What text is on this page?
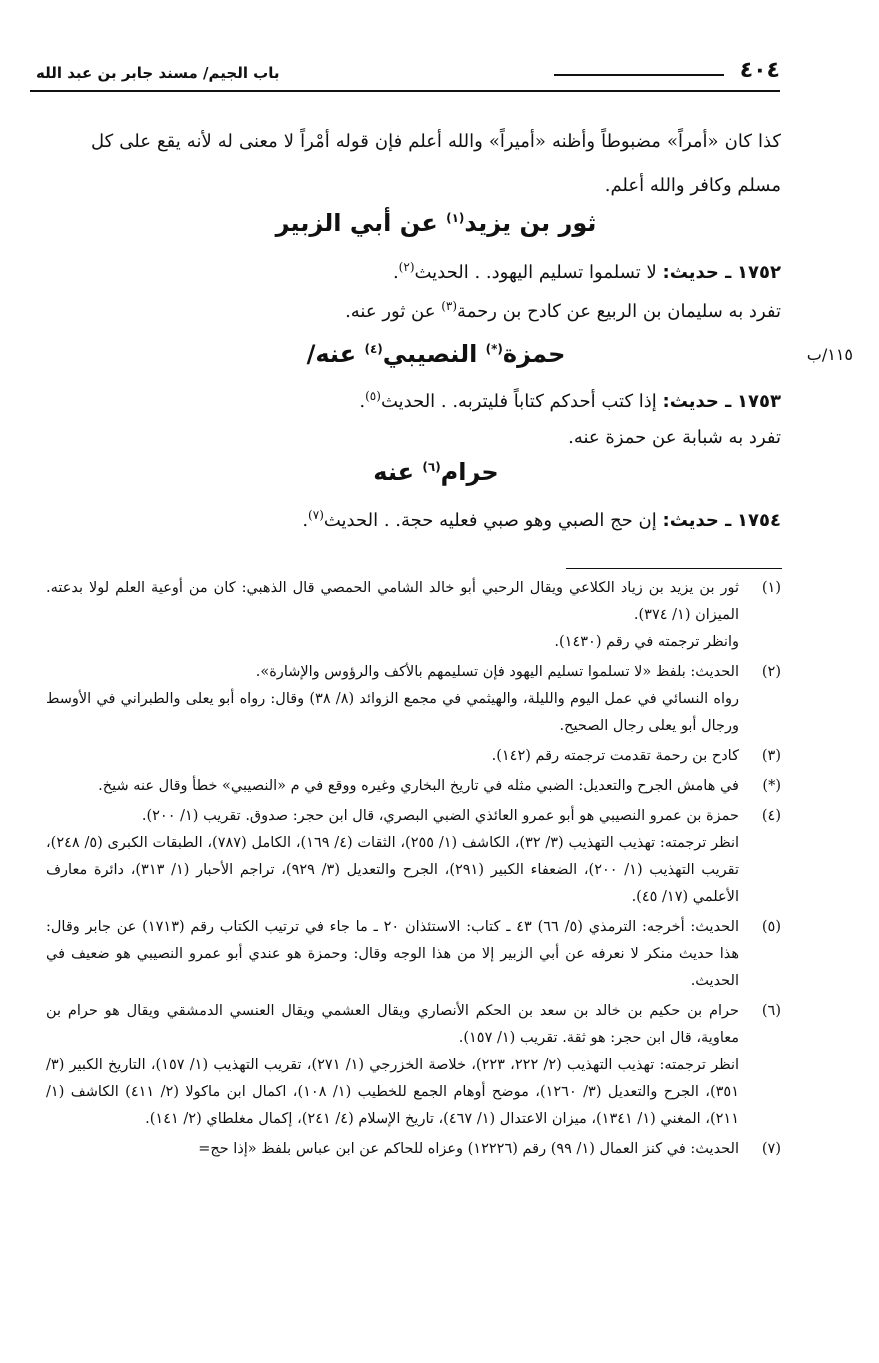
٤٠٤
باب الجيم/ مسند جابر بن عبد الله
كذا كان «أمراً» مضبوطاً وأظنه «أميراً» والله أعلم فإن قوله أمْراً لا معنى له لأنه يقع على كل مسلم وكافر والله أعلم.
ثور بن يزيد$^{(١)}$ عن أبي الزبير
١٧٥٢ ـ حديث: لا تسلموا تسليم اليهود. . الحديث$^{(٢)}$.
تفرد به سليمان بن الربيع عن كادح بن رحمة$^{(٣)}$ عن ثور عنه.
١١٥/ب
حمزة(*) النصيبي$^{(٤)}$ عنه/
١٧٥٣ ـ حديث: إذا كتب أحدكم كتاباً فليتربه. . الحديث$^{(٥)}$.
تفرد به شبابة عن حمزة عنه.
حرام$^{(٦)}$ عنه
١٧٥٤ ـ حديث: إن حج الصبي وهو صبي فعليه حجة. . الحديث$^{(٧)}$.
(١)

ثور بن يزيد بن زياد الكلاعي ويقال الرحبي أبو خالد الشامي الحمصي قال الذهبي: كان من أوعية العلم لولا بدعته. الميزان (١/ ٣٧٤).

وانظر ترجمته في رقم (١٤٣٠).

(٢)

الحديث: بلفظ «لا تسلموا تسليم اليهود فإن تسليمهم بالأكف والرؤوس والإشارة».

رواه النسائي في عمل اليوم والليلة، والهيثمي في مجمع الزوائد (٨/ ٣٨) وقال: رواه أبو يعلى والطبراني في الأوسط ورجال أبو يعلى رجال الصحيح.

(٣)

كادح بن رحمة تقدمت ترجمته رقم (١٤٢).

(*)

في هامش الجرح والتعديل: الضبي مثله في تاريخ البخاري وغيره ووقع في م «النصيبي» خطأ وقال عنه شيخ.

(٤)

حمزة بن عمرو النصيبي هو أبو عمرو العائذي الضبي البصري، قال ابن حجر: صدوق. تقريب (١/ ٢٠٠).

انظر ترجمته: تهذيب التهذيب (٣/ ٣٢)، الكاشف (١/ ٢٥٥)، الثقات (٤/ ١٦٩)، الكامل (٧٨٧)، الطبقات الكبرى (٥/ ٢٤٨)، تقريب التهذيب (١/ ٢٠٠)، الضعفاء الكبير (٢٩١)، الجرح والتعديل (٣/ ٩٢٩)، تراجم الأحبار (١/ ٣١٣)، دائرة معارف الأعلمي (١٧/ ٤٥).

(٥)

الحديث: أخرجه: الترمذي (٥/ ٦٦) ٤٣ ـ كتاب: الاستئذان ٢٠ ـ ما جاء في ترتيب الكتاب رقم (١٧١٣) عن جابر وقال: هذا حديث منكر لا نعرفه عن أبي الزبير إلا من هذا الوجه وقال: وحمزة هو عندي أبو عمرو النصيبي هو ضعيف في الحديث.

(٦)

حرام بن حكيم بن خالد بن سعد بن الحكم الأنصاري ويقال العشمي ويقال العنسي الدمشقي ويقال هو حرام بن معاوية، قال ابن حجر: هو ثقة. تقريب (١/ ١٥٧).

انظر ترجمته: تهذيب التهذيب (٢/ ٢٢٢، ٢٢٣)، خلاصة الخزرجي (١/ ٢٧١)، تقريب التهذيب (١/ ١٥٧)، التاريخ الكبير (٣/ ٣٥١)، الجرح والتعديل (٣/ ١٢٦٠)، موضح أوهام الجمع للخطيب (١/ ١٠٨)، اكمال ابن ماكولا (٢/ ٤١١) الكاشف (١/ ٢١١)، المغني (١/ ١٣٤١)، ميزان الاعتدال (١/ ٤٦٧)، تاريخ الإسلام (٤/ ٢٤١)، إكمال مغلطاي (٢/ ١٤١).

(٧)

الحديث: في كنز العمال (١/ ٩٩) رقم (١٢٢٢٦) وعزاه للحاكم عن ابن عباس بلفظ «إذا حج=
